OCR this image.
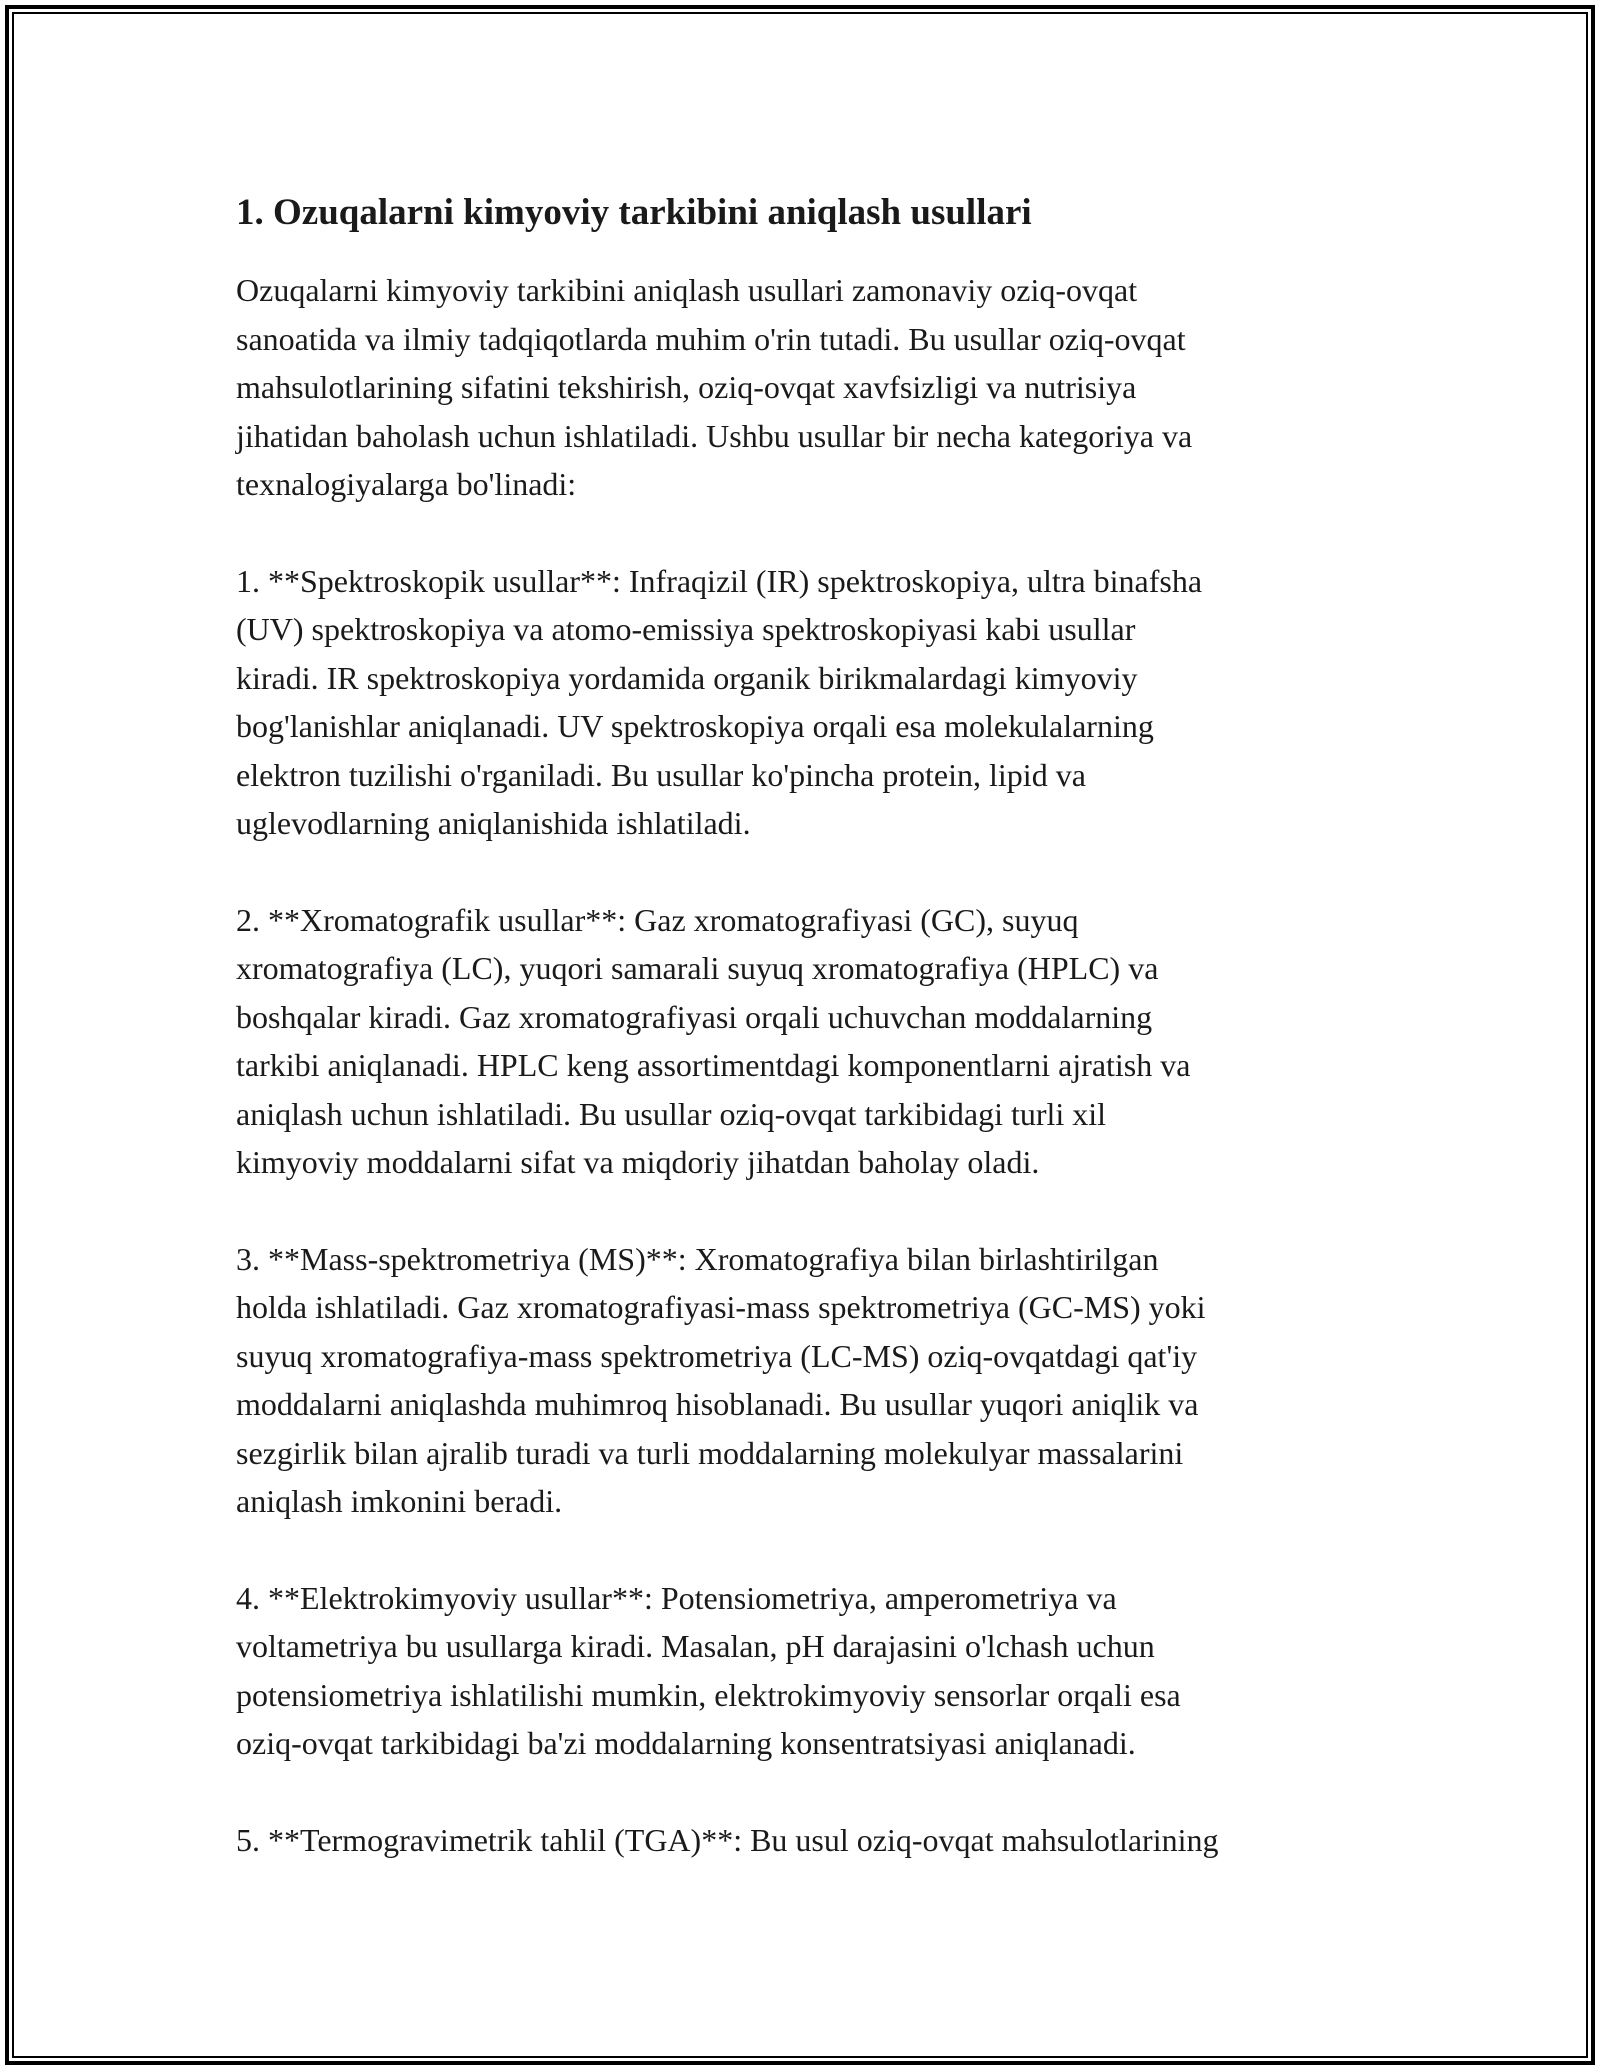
1. Ozuqalarni kimyoviy tarkibini aniqlash usullari

Ozuqalarni kimyoviy tarkibini aniqlash usullari zamonaviy oziq-ovqat
sanoatida va ilmiy tadqiqotlarda muhim o'rin tutadi. Bu usullar oziq-ovqat
mahsulotlarining sifatini tekshirish, oziq-ovqat xavfsizligi va nutrisiya
jihatidan baholash uchun ishlatiladi. Ushbu usullar bir necha kategoriya va
texnalogiyalarga bo'linadi:

1. **Spektroskopik usullar**: Infraqizil (IR) spektroskopiya, ultra binafsha
(UV) spektroskopiya va atomo-emissiya spektroskopiyasi kabi usullar
kiradi. IR spektroskopiya yordamida organik birikmalardagi kimyoviy
bog'lanishlar aniqlanadi. UV spektroskopiya orqali esa molekulalarning
elektron tuzilishi o'rganiladi. Bu usullar ko'pincha protein, lipid va
uglevodlarning aniqlanishida ishlatiladi.

2. **Xromatografik usullar**: Gaz xromatografiyasi (GC), suyuq
xromatografiya (LC), yuqori samarali suyuq xromatografiya (HPLC) va
boshqalar kiradi. Gaz xromatografiyasi orqali uchuvchan moddalarning
tarkibi aniqlanadi. HPLC keng assortimentdagi komponentlarni ajratish va
aniqlash uchun ishlatiladi. Bu usullar oziq-ovqat tarkibidagi turli xil
kimyoviy moddalarni sifat va miqdoriy jihatdan baholay oladi.

3. **Mass-spektrometriya (MS)**: Xromatografiya bilan birlashtirilgan
holda ishlatiladi. Gaz xromatografiyasi-mass spektrometriya (GC-MS) yoki
suyuq xromatografiya-mass spektrometriya (LC-MS) oziq-ovqatdagi qat'iy
moddalarni aniqlashda muhimroq hisoblanadi. Bu usullar yuqori aniqlik va
sezgirlik bilan ajralib turadi va turli moddalarning molekulyar massalarini
aniqlash imkonini beradi.

4. **Elektrokimyoviy usullar**: Potensiometriya, amperometriya va
voltametriya bu usullarga kiradi. Masalan, pH darajasini o'lchash uchun
potensiometriya ishlatilishi mumkin, elektrokimyoviy sensorlar orqali esa
oziq-ovqat tarkibidagi ba'zi moddalarning konsentratsiyasi aniqlanadi.

5. **Termogravimetrik tahlil (TGA)**: Bu usul oziq-ovqat mahsulotlarining
